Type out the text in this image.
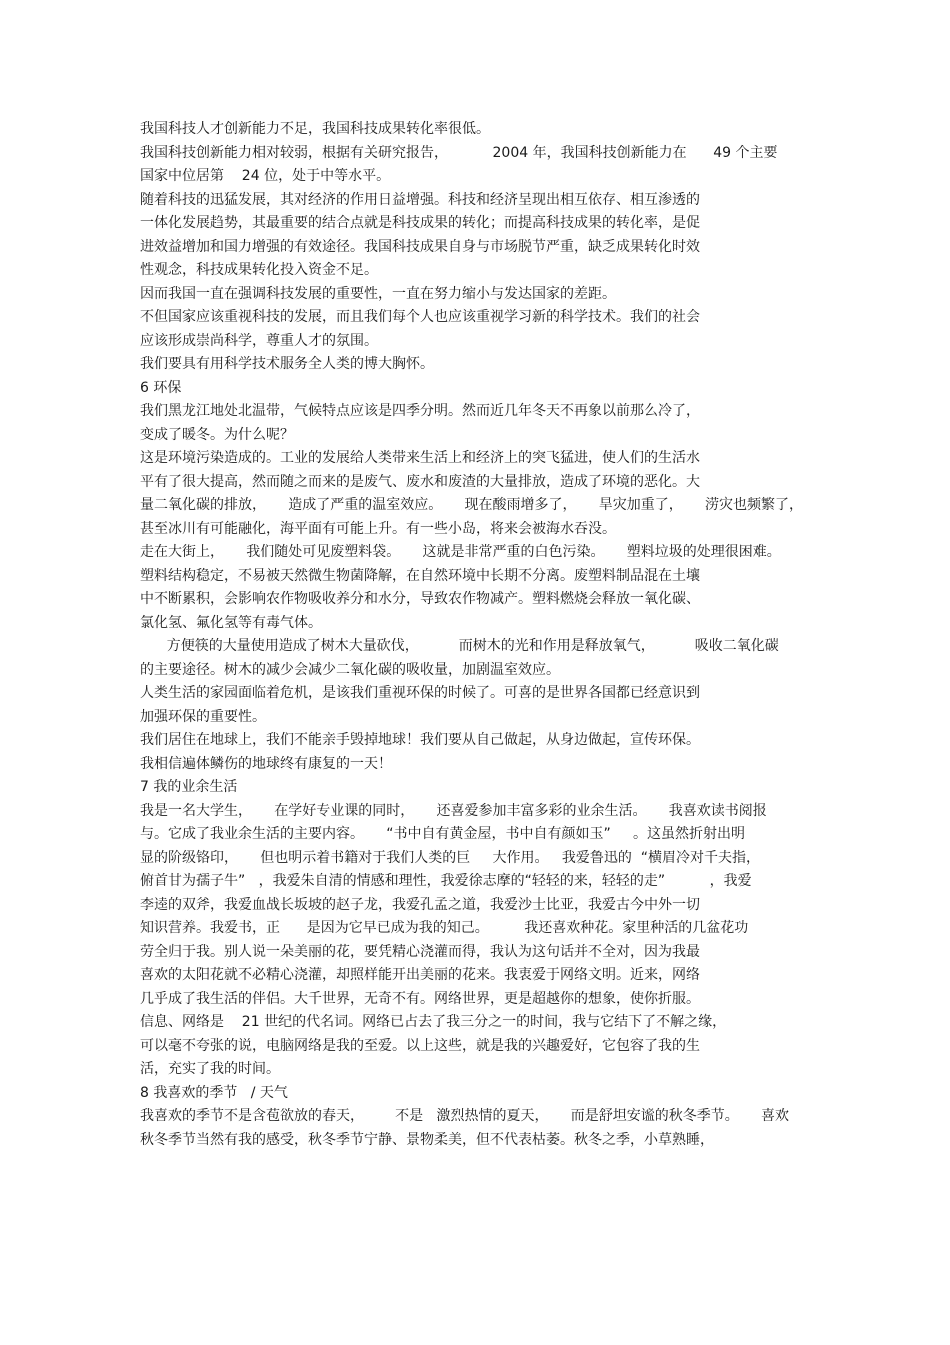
我国科技人才创新能力不足，我国科技成果转化率很低。
我国科技创新能力相对较弱，根据有关研究报告，          2004 年，我国科技创新能力在      49 个主要
国家中位居第    24 位，处于中等水平。
随着科技的迅猛发展，其对经济的作用日益增强。科技和经济呈现出相互依存、相互渗透的
一体化发展趋势，其最重要的结合点就是科技成果的转化；而提高科技成果的转化率，是促
进效益增加和国力增强的有效途径。我国科技成果自身与市场脱节严重，缺乏成果转化时效
性观念，科技成果转化投入资金不足。
因而我国一直在强调科技发展的重要性，一直在努力缩小与发达国家的差距。
不但国家应该重视科技的发展，而且我们每个人也应该重视学习新的科学技术。我们的社会
应该形成崇尚科学，尊重人才的氛围。
我们要具有用科学技术服务全人类的博大胸怀。
6 环保
我们黑龙江地处北温带，气候特点应该是四季分明。然而近几年冬天不再象以前那么冷了，
变成了暖冬。为什么呢？
这是环境污染造成的。工业的发展给人类带来生活上和经济上的突飞猛进，使人们的生活水
平有了很大提高，然而随之而来的是废气、废水和废渣的大量排放，造成了环境的恶化。大
量二氧化碳的排放，     造成了严重的温室效应。     现在酸雨增多了，     旱灾加重了，     涝灾也频繁了，
甚至冰川有可能融化，海平面有可能上升。有一些小岛，将来会被海水吞没。
走在大街上，     我们随处可见废塑料袋。     这就是非常严重的白色污染。     塑料垃圾的处理很困难。
塑料结构稳定，不易被天然微生物菌降解，在自然环境中长期不分离。废塑料制品混在土壤
中不断累积，会影响农作物吸收养分和水分，导致农作物减产。塑料燃烧会释放一氧化碳、
氯化氢、氟化氢等有毒气体。
方便筷的大量使用造成了树木大量砍伐，         而树木的光和作用是释放氧气，         吸收二氧化碳
的主要途径。树木的减少会减少二氧化碳的吸收量，加剧温室效应。
人类生活的家园面临着危机，是该我们重视环保的时候了。可喜的是世界各国都已经意识到
加强环保的重要性。
我们居住在地球上，我们不能亲手毁掉地球！我们要从自己做起，从身边做起，宣传环保。
我相信遍体鳞伤的地球终有康复的一天！
7 我的业余生活
我是一名大学生，     在学好专业课的同时，     还喜爱参加丰富多彩的业余生活。     我喜欢读书阅报
与。它成了我业余生活的主要内容。     “书中自有黄金屋，书中自有颜如玉”     。这虽然折射出明
显的阶级铬印，     但也明示着书籍对于我们人类的巨     大作用。   我爱鲁迅的  “横眉冷对千夫指，
俯首甘为孺子牛”   ，我爱朱自清的情感和理性，我爱徐志摩的“轻轻的来，轻轻的走”          ，我爱
李逵的双斧，我爱血战长坂坡的赵子龙，我爱孔孟之道，我爱沙士比亚，我爱古今中外一切
知识营养。我爱书，正      是因为它早已成为我的知己。        我还喜欢种花。家里种活的几盆花功
劳全归于我。别人说一朵美丽的花，要凭精心浇灌而得，我认为这句话并不全对，因为我最
喜欢的太阳花就不必精心浇灌，却照样能开出美丽的花来。我衷爱于网络文明。近来，网络
几乎成了我生活的伴侣。大千世界，无奇不有。网络世界，更是超越你的想象，使你折服。
信息、网络是    21 世纪的代名词。网络已占去了我三分之一的时间，我与它结下了不解之缘，
可以毫不夸张的说，电脑网络是我的至爱。以上这些，就是我的兴趣爱好，它包容了我的生
活，充实了我的时间。
8 我喜欢的季节   / 天气
我喜欢的季节不是含苞欲放的春天，       不是   激烈热情的夏天，     而是舒坦安谧的秋冬季节。     喜欢
秋冬季节当然有我的感受，秋冬季节宁静、景物柔美，但不代表枯萎。秋冬之季，小草熟睡，
